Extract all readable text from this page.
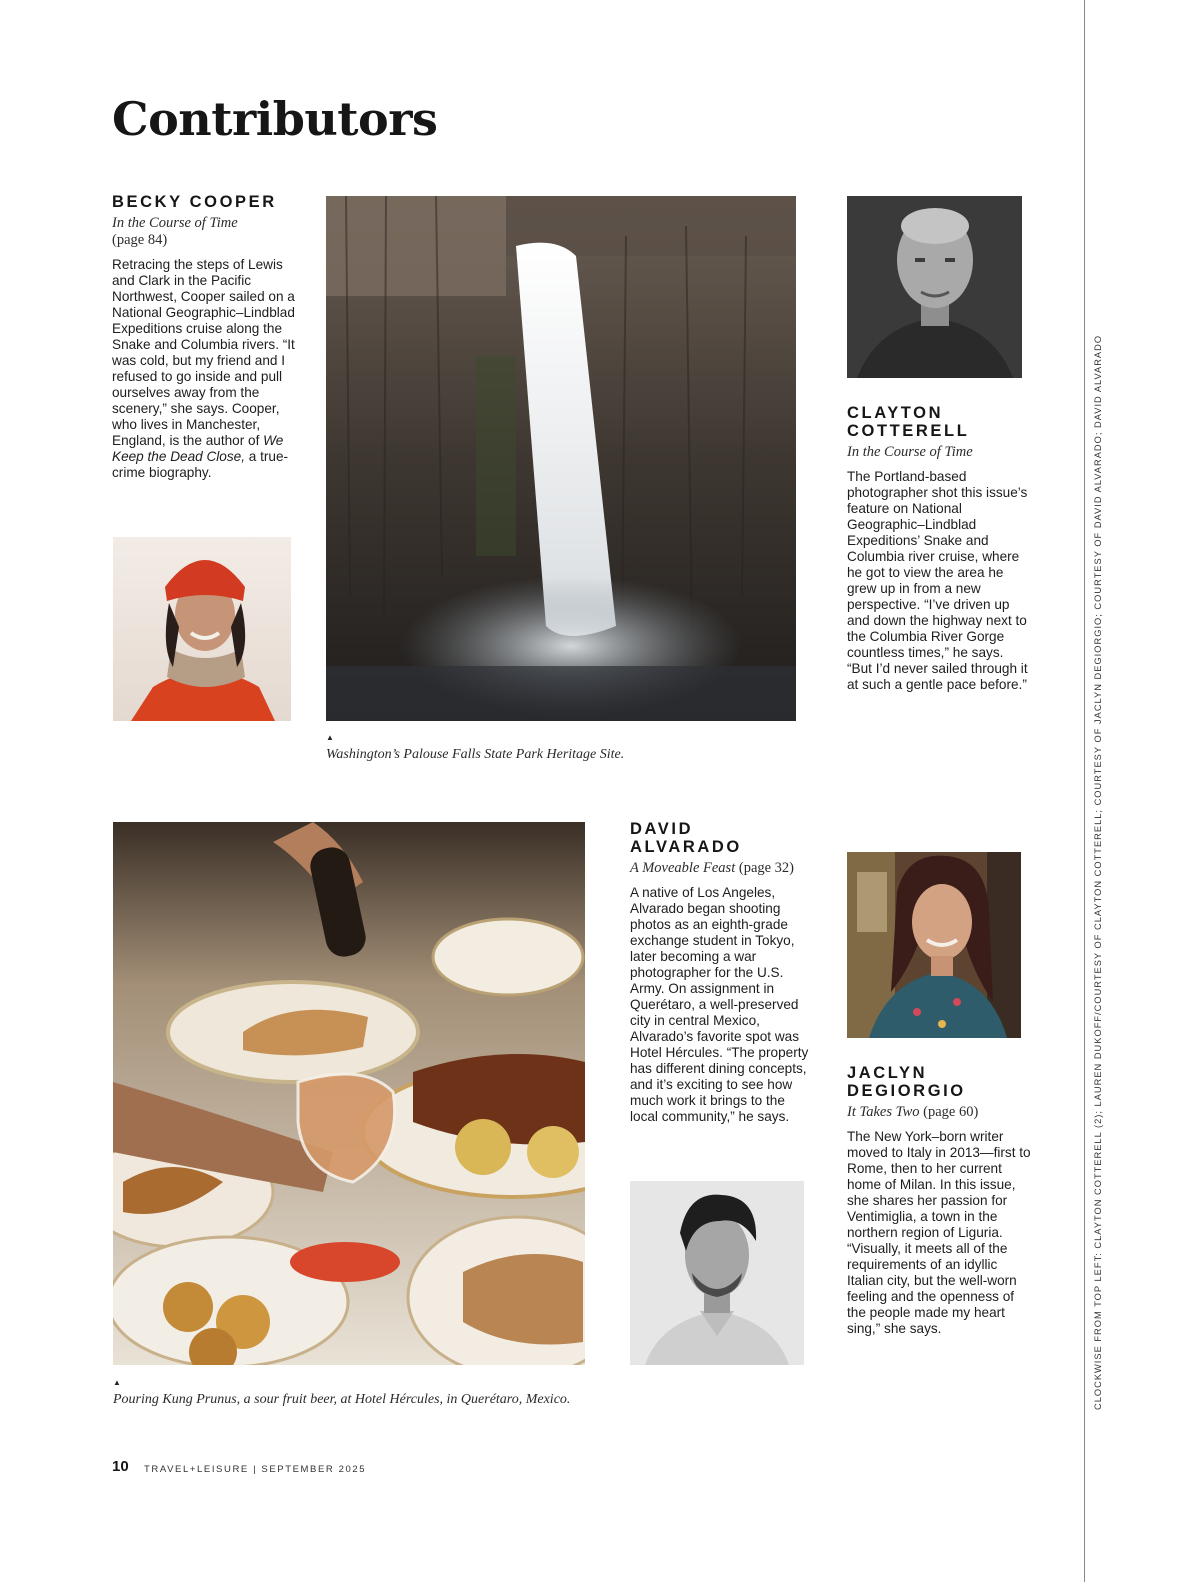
Contributors

BECKY COOPER

In the Course of Time
(page 84)

Retracing the steps of Lewis and Clark in the Pacific Northwest, Cooper sailed on a National Geographic–Lindblad Expeditions cruise along the Snake and Columbia rivers. “It was cold, but my friend and I refused to go inside and pull ourselves away from the scenery,” she says. Cooper, who lives in Manchester, England, is the author of We Keep the Dead Close, a true-crime biography.

▲

Washington’s Palouse Falls State Park Heritage Site.

CLAYTON
COTTERELL

In the Course of Time

The Portland-based photographer shot this issue’s feature on National Geographic–Lindblad Expeditions’ Snake and Columbia river cruise, where he got to view the area he grew up in from a new perspective. “I’ve driven up and down the highway next to the Columbia River Gorge countless times,” he says. “But I’d never sailed through it at such a gentle pace before.”

▲

Pouring Kung Prunus, a sour fruit beer, at Hotel Hércules, in Querétaro, Mexico.

DAVID
ALVARADO

A Moveable Feast (page 32)

A native of Los Angeles, Alvarado began shooting photos as an eighth-grade exchange student in Tokyo, later becoming a war photographer for the U.S. Army. On assignment in Querétaro, a well-preserved city in central Mexico, Alvarado’s favorite spot was Hotel Hércules. “The property has different dining concepts, and it’s exciting to see how much work it brings to the local community,” he says.

JACLYN
DEGIORGIO

It Takes Two (page 60)

The New York–born writer moved to Italy in 2013—first to Rome, then to her current home of Milan. In this issue, she shares her passion for Ventimiglia, a town in the northern region of Liguria. “Visually, it meets all of the requirements of an idyllic Italian city, but the well-worn feeling and the openness of the people made my heart sing,” she says.	CLOCKWISE FROM TOP LEFT: CLAYTON COTTERELL (2); LAUREN DUKOFF/COURTESY OF CLAYTON COTTERELL; COURTESY OF JACLYN DEGIORGIO; COURTESY OF DAVID ALVARADO; DAVID ALVARADO
10 TRAVEL+LEISURE | SEPTEMBER 2025
